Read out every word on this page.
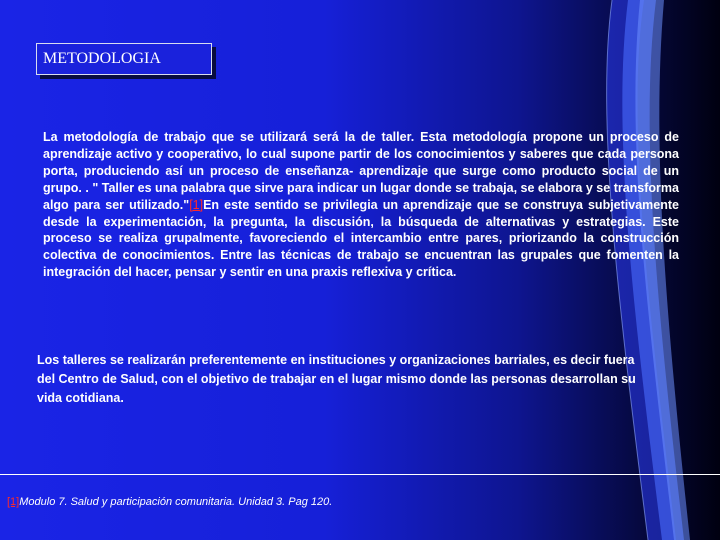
METODOLOGIA
La metodología de trabajo que se utilizará será la de taller. Esta metodología propone un proceso de aprendizaje activo y cooperativo, lo cual supone partir de los conocimientos y saberes que cada persona porta, produciendo así un proceso de enseñanza- aprendizaje que surge como producto social de un grupo. . " Taller es una palabra que sirve para indicar un lugar donde se trabaja, se elabora y se transforma algo para ser utilizado."[1]En este sentido se privilegia un aprendizaje que se construya subjetivamente desde la experimentación, la pregunta, la discusión, la búsqueda de alternativas y estrategias. Este proceso se realiza grupalmente, favoreciendo el intercambio entre pares, priorizando la construcción colectiva de conocimientos. Entre las técnicas de trabajo se encuentran las grupales que fomenten la integración del hacer, pensar y sentir en una praxis reflexiva y crítica.
Los talleres se realizarán preferentemente en instituciones y organizaciones barriales, es decir fuera del Centro de Salud, con el objetivo de trabajar en el lugar mismo donde las personas desarrollan su vida cotidiana.
[1]Modulo 7. Salud y participación comunitaria. Unidad 3. Pag 120.
